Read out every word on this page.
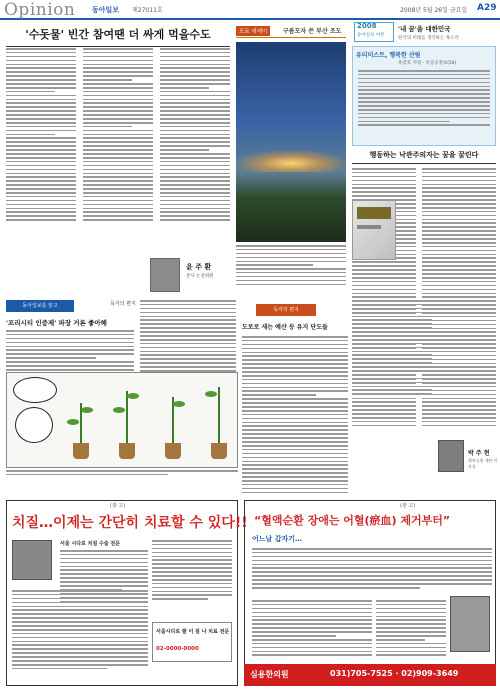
Opinion 동아일보 제27011호	2008년 5월 26일 금요일 A29
'수돗물' 빈간 참여땐 더 싸게 먹을수도
윤 주 환
본사 논설위원
포토 에세이	구름모자 쓴 부산 조도
2008
동아일보 여론
'내 꿈'을 대한민국
한국의 미래를 생각하는 목소리
유티미스트, 행복한 산림
옥장호 지령 · 옥상공정보(54)
행동하는 낙관주의자는 꿈을 꿀린다
박 주 현
행복공원 재단 이사장
동아일보를 읽고	독자의 편지
'프리시티 인증제' 파장 거론 좋아해
독자의 편지
도로로 새는 예산 등 유지 단도들
(광 고)
치질…이제는 간단히 치료할 수 있다!!
서울 시다로 치질 수술 전문
서울시다로 팔 이 질 나 치료 전문
02-0000-0000
(광 고)
“혈액순환 장애는 어혈(瘀血) 제거부터”
어느날 갑자기…
심용한의원	031)705-7525 · 02)909-3649
